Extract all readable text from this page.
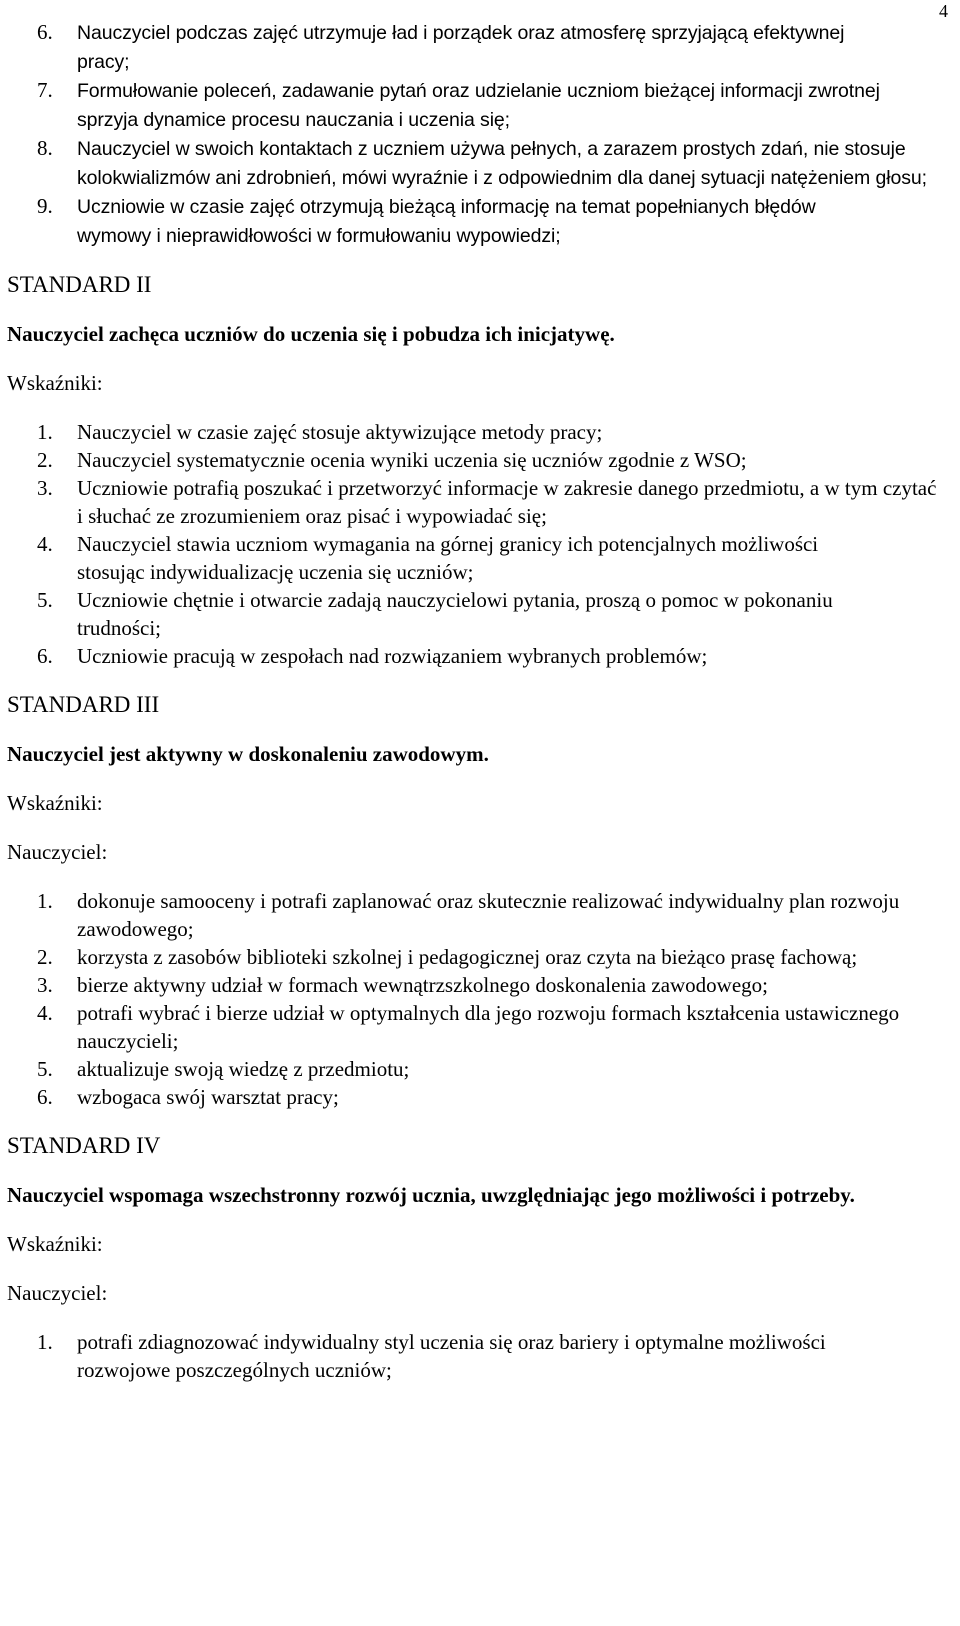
4
6. Nauczyciel podczas zajęć utrzymuje ład i porządek oraz atmosferę sprzyjającą efektywnej pracy;
7. Formułowanie poleceń, zadawanie pytań oraz udzielanie uczniom bieżącej informacji zwrotnej sprzyja dynamice procesu nauczania i uczenia się;
8. Nauczyciel w swoich kontaktach z uczniem używa pełnych, a zarazem prostych zdań, nie stosuje kolokwializmów ani zdrobnień, mówi wyraźnie i z odpowiednim dla danej sytuacji natężeniem głosu;
9. Uczniowie w czasie zajęć otrzymują bieżącą informację na temat popełnianych błędów wymowy i nieprawidłowości w formułowaniu wypowiedzi;
STANDARD II
Nauczyciel zachęca uczniów do uczenia się i pobudza ich inicjatywę.
Wskaźniki:
1. Nauczyciel w czasie zajęć stosuje aktywizujące metody pracy;
2. Nauczyciel systematycznie ocenia wyniki uczenia się uczniów zgodnie z WSO;
3. Uczniowie potrafią poszukać i przetworzyć informacje w zakresie danego przedmiotu, a w tym czytać i słuchać ze zrozumieniem oraz pisać i wypowiadać się;
4. Nauczyciel stawia uczniom wymagania na górnej granicy ich potencjalnych możliwości stosując indywidualizację uczenia się uczniów;
5. Uczniowie chętnie i otwarcie zadają nauczycielowi pytania, proszą o pomoc w pokonaniu trudności;
6. Uczniowie pracują w zespołach nad rozwiązaniem wybranych problemów;
STANDARD III
Nauczyciel jest aktywny w doskonaleniu zawodowym.
Wskaźniki:
Nauczyciel:
1. dokonuje samooceny i potrafi zaplanować oraz skutecznie realizować indywidualny plan rozwoju zawodowego;
2. korzysta z zasobów biblioteki szkolnej i pedagogicznej oraz czyta na bieżąco prasę fachową;
3. bierze aktywny udział w formach wewnątrzszkolnego doskonalenia zawodowego;
4. potrafi wybrać i bierze udział w optymalnych dla jego rozwoju formach kształcenia ustawicznego nauczycieli;
5. aktualizuje swoją wiedzę z przedmiotu;
6. wzbogaca swój warsztat pracy;
STANDARD IV
Nauczyciel wspomaga wszechstronny rozwój ucznia, uwzględniając jego możliwości i potrzeby.
Wskaźniki:
Nauczyciel:
1. potrafi zdiagnozować indywidualny styl uczenia się oraz bariery i optymalne możliwości rozwojowe poszczególnych uczniów;
